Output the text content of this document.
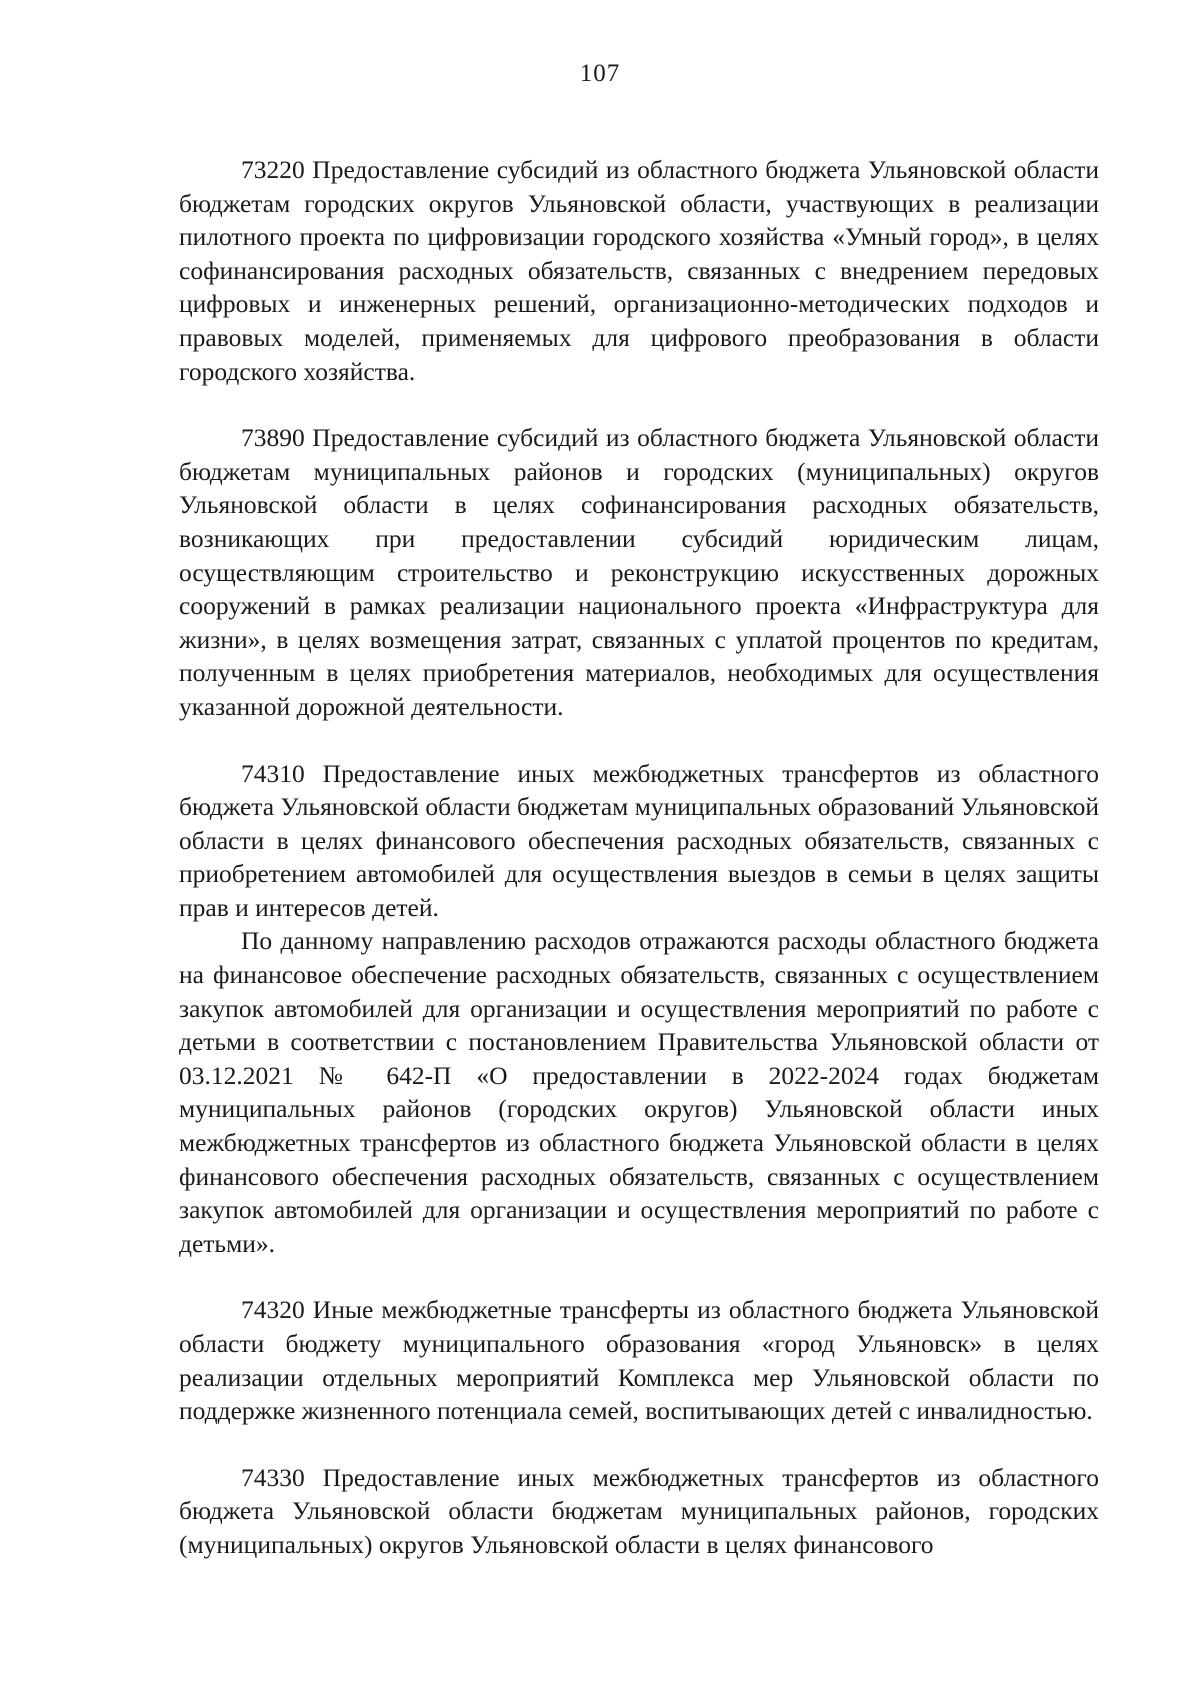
107

73220 Предоставление субсидий из областного бюджета Ульяновской области бюджетам городских округов Ульяновской области, участвующих в реализации пилотного проекта по цифровизации городского хозяйства «Умный город», в целях софинансирования расходных обязательств, связанных с внедрением передовых цифровых и инженерных решений, организационно-методических подходов и правовых моделей, применяемых для цифрового преобразования в области городского хозяйства.

73890 Предоставление субсидий из областного бюджета Ульяновской области бюджетам муниципальных районов и городских (муниципальных) округов Ульяновской области в целях софинансирования расходных обязательств, возникающих при предоставлении субсидий юридическим лицам, осуществляющим строительство и реконструкцию искусственных дорожных сооружений в рамках реализации национального проекта «Инфраструктура для жизни», в целях возмещения затрат, связанных с уплатой процентов по кредитам, полученным в целях приобретения материалов, необходимых для осуществления указанной дорожной деятельности.

74310 Предоставление иных межбюджетных трансфертов из областного бюджета Ульяновской области бюджетам муниципальных образований Ульяновской области в целях финансового обеспечения расходных обязательств, связанных с приобретением автомобилей для осуществления выездов в семьи в целях защиты прав и интересов детей.

По данному направлению расходов отражаются расходы областного бюджета на финансовое обеспечение расходных обязательств, связанных с осуществлением закупок автомобилей для организации и осуществления мероприятий по работе с детьми в соответствии с постановлением Правительства Ульяновской области от 03.12.2021 № 642-П «О предоставлении в 2022-2024 годах бюджетам муниципальных районов (городских округов) Ульяновской области иных межбюджетных трансфертов из областного бюджета Ульяновской области в целях финансового обеспечения расходных обязательств, связанных с осуществлением закупок автомобилей для организации и осуществления мероприятий по работе с детьми».

74320 Иные межбюджетные трансферты из областного бюджета Ульяновской области бюджету муниципального образования «город Ульяновск» в целях реализации отдельных мероприятий Комплекса мер Ульяновской области по поддержке жизненного потенциала семей, воспитывающих детей с инвалидностью.

74330 Предоставление иных межбюджетных трансфертов из областного бюджета Ульяновской области бюджетам муниципальных районов, городских (муниципальных) округов Ульяновской области в целях финансового
